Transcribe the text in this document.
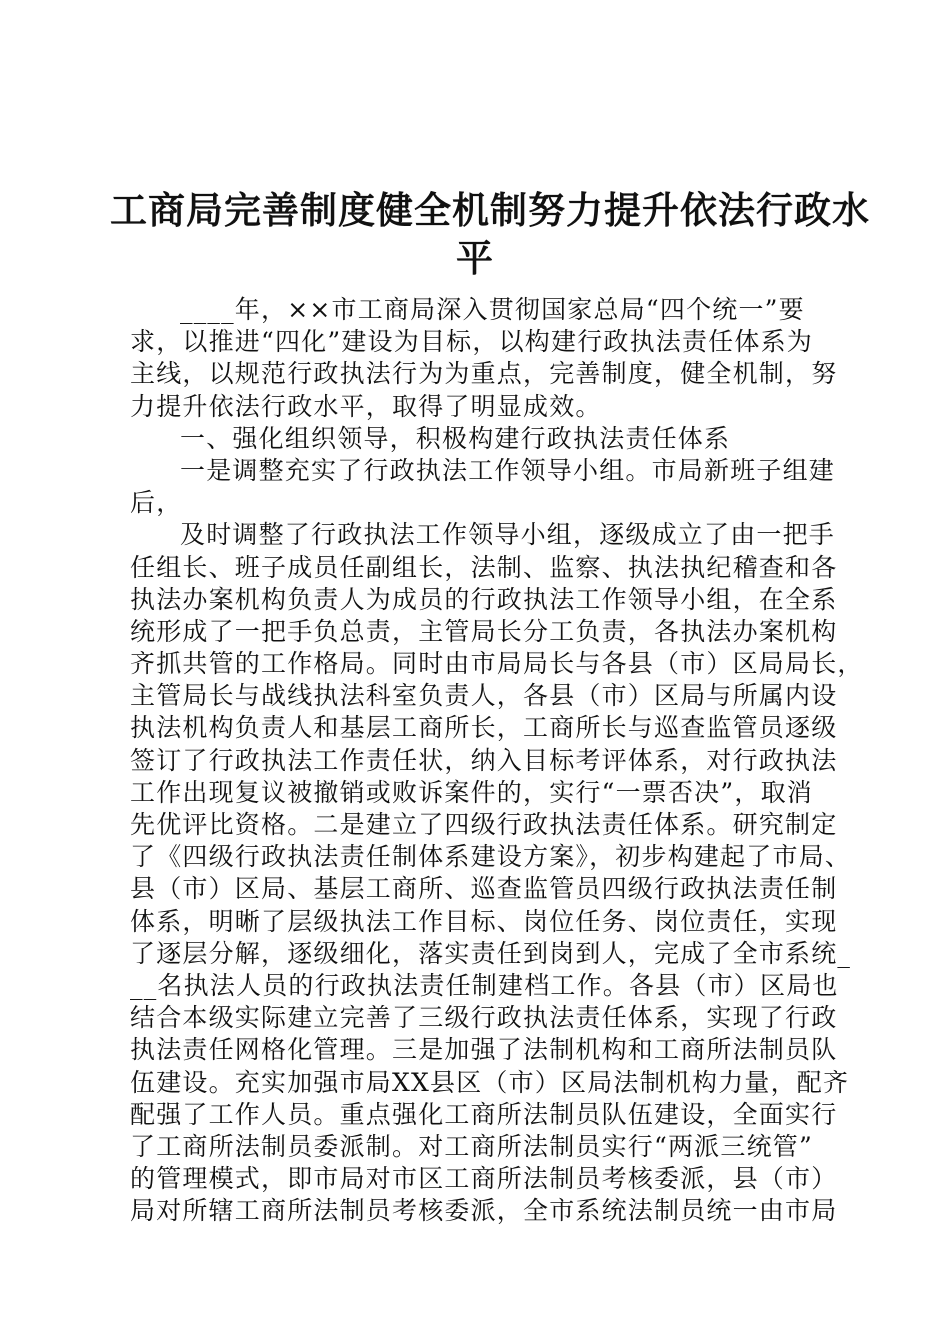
工商局完善制度健全机制努力提升依法行政水
平
____年，××市工商局深入贯彻国家总局“四个统一”要
求，以推进“四化”建设为目标，以构建行政执法责任体系为
主线，以规范行政执法行为为重点，完善制度，健全机制，努
力提升依法行政水平，取得了明显成效。
一、强化组织领导，积极构建行政执法责任体系
一是调整充实了行政执法工作领导小组。市局新班子组建
后，
及时调整了行政执法工作领导小组，逐级成立了由一把手
任组长、班子成员任副组长，法制、监察、执法执纪稽查和各
执法办案机构负责人为成员的行政执法工作领导小组，在全系
统形成了一把手负总责，主管局长分工负责，各执法办案机构
齐抓共管的工作格局。同时由市局局长与各县（市）区局局长，
主管局长与战线执法科室负责人，各县（市）区局与所属内设
执法机构负责人和基层工商所长，工商所长与巡查监管员逐级
签订了行政执法工作责任状，纳入目标考评体系，对行政执法
工作出现复议被撤销或败诉案件的，实行“一票否决”，取消
先优评比资格。二是建立了四级行政执法责任体系。研究制定
了《四级行政执法责任制体系建设方案》，初步构建起了市局、
县（市）区局、基层工商所、巡查监管员四级行政执法责任制
体系，明晰了层级执法工作目标、岗位任务、岗位责任，实现
了逐层分解，逐级细化，落实责任到岗到人，完成了全市系统_
__名执法人员的行政执法责任制建档工作。各县（市）区局也
结合本级实际建立完善了三级行政执法责任体系，实现了行政
执法责任网格化管理。三是加强了法制机构和工商所法制员队
伍建设。充实加强市局XX县区（市）区局法制机构力量，配齐
配强了工作人员。重点强化工商所法制员队伍建设，全面实行
了工商所法制员委派制。对工商所法制员实行“两派三统管”
的管理模式，即市局对市区工商所法制员考核委派，县（市）
局对所辖工商所法制员考核委派，全市系统法制员统一由市局
